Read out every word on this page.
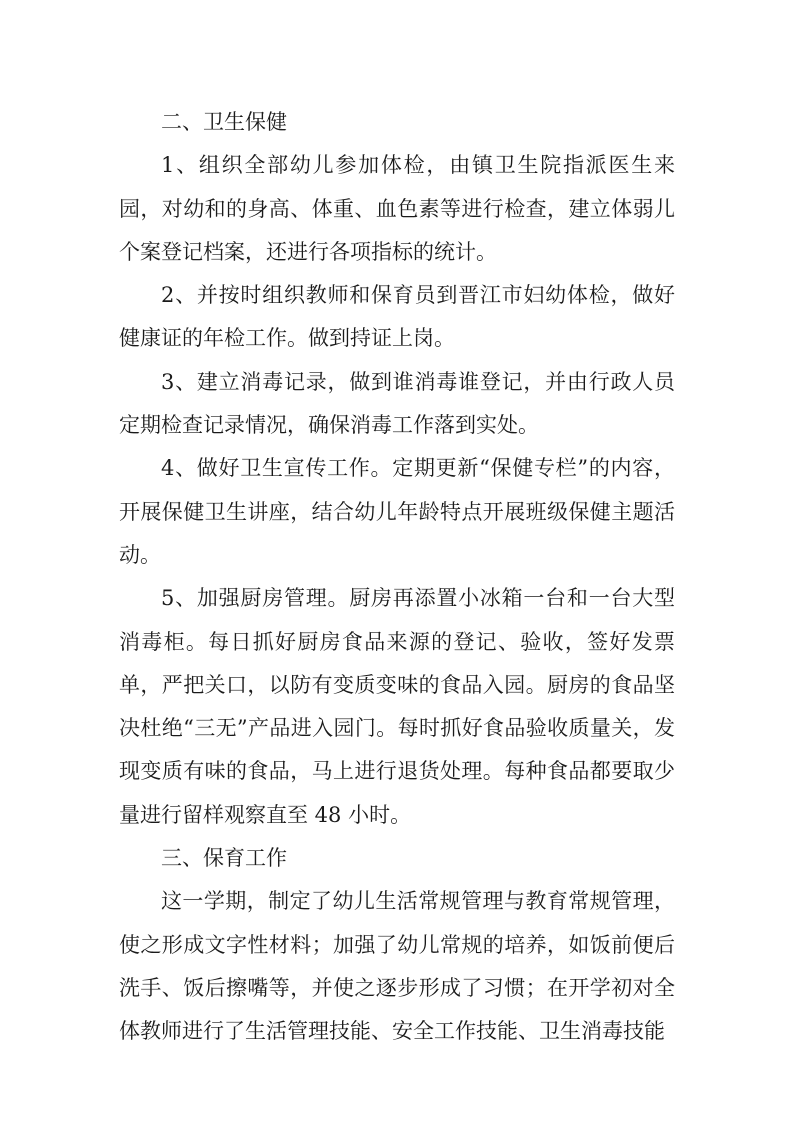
二、卫生保健

1、组织全部幼儿参加体检，由镇卫生院指派医生来园，对幼和的身高、体重、血色素等进行检查，建立体弱儿个案登记档案，还进行各项指标的统计。

2、并按时组织教师和保育员到晋江市妇幼体检，做好健康证的年检工作。做到持证上岗。

3、建立消毒记录，做到谁消毒谁登记，并由行政人员定期检查记录情况，确保消毒工作落到实处。

4、做好卫生宣传工作。定期更新“保健专栏”的内容，开展保健卫生讲座，结合幼儿年龄特点开展班级保健主题活动。

5、加强厨房管理。厨房再添置小冰箱一台和一台大型消毒柜。每日抓好厨房食品来源的登记、验收，签好发票单，严把关口，以防有变质变味的食品入园。厨房的食品坚决杜绝“三无”产品进入园门。每时抓好食品验收质量关，发现变质有味的食品，马上进行退货处理。每种食品都要取少量进行留样观察直至 48 小时。

三、保育工作

这一学期，制定了幼儿生活常规管理与教育常规管理，使之形成文字性材料；加强了幼儿常规的培养，如饭前便后洗手、饭后擦嘴等，并使之逐步形成了习惯；在开学初对全体教师进行了生活管理技能、安全工作技能、卫生消毒技能
